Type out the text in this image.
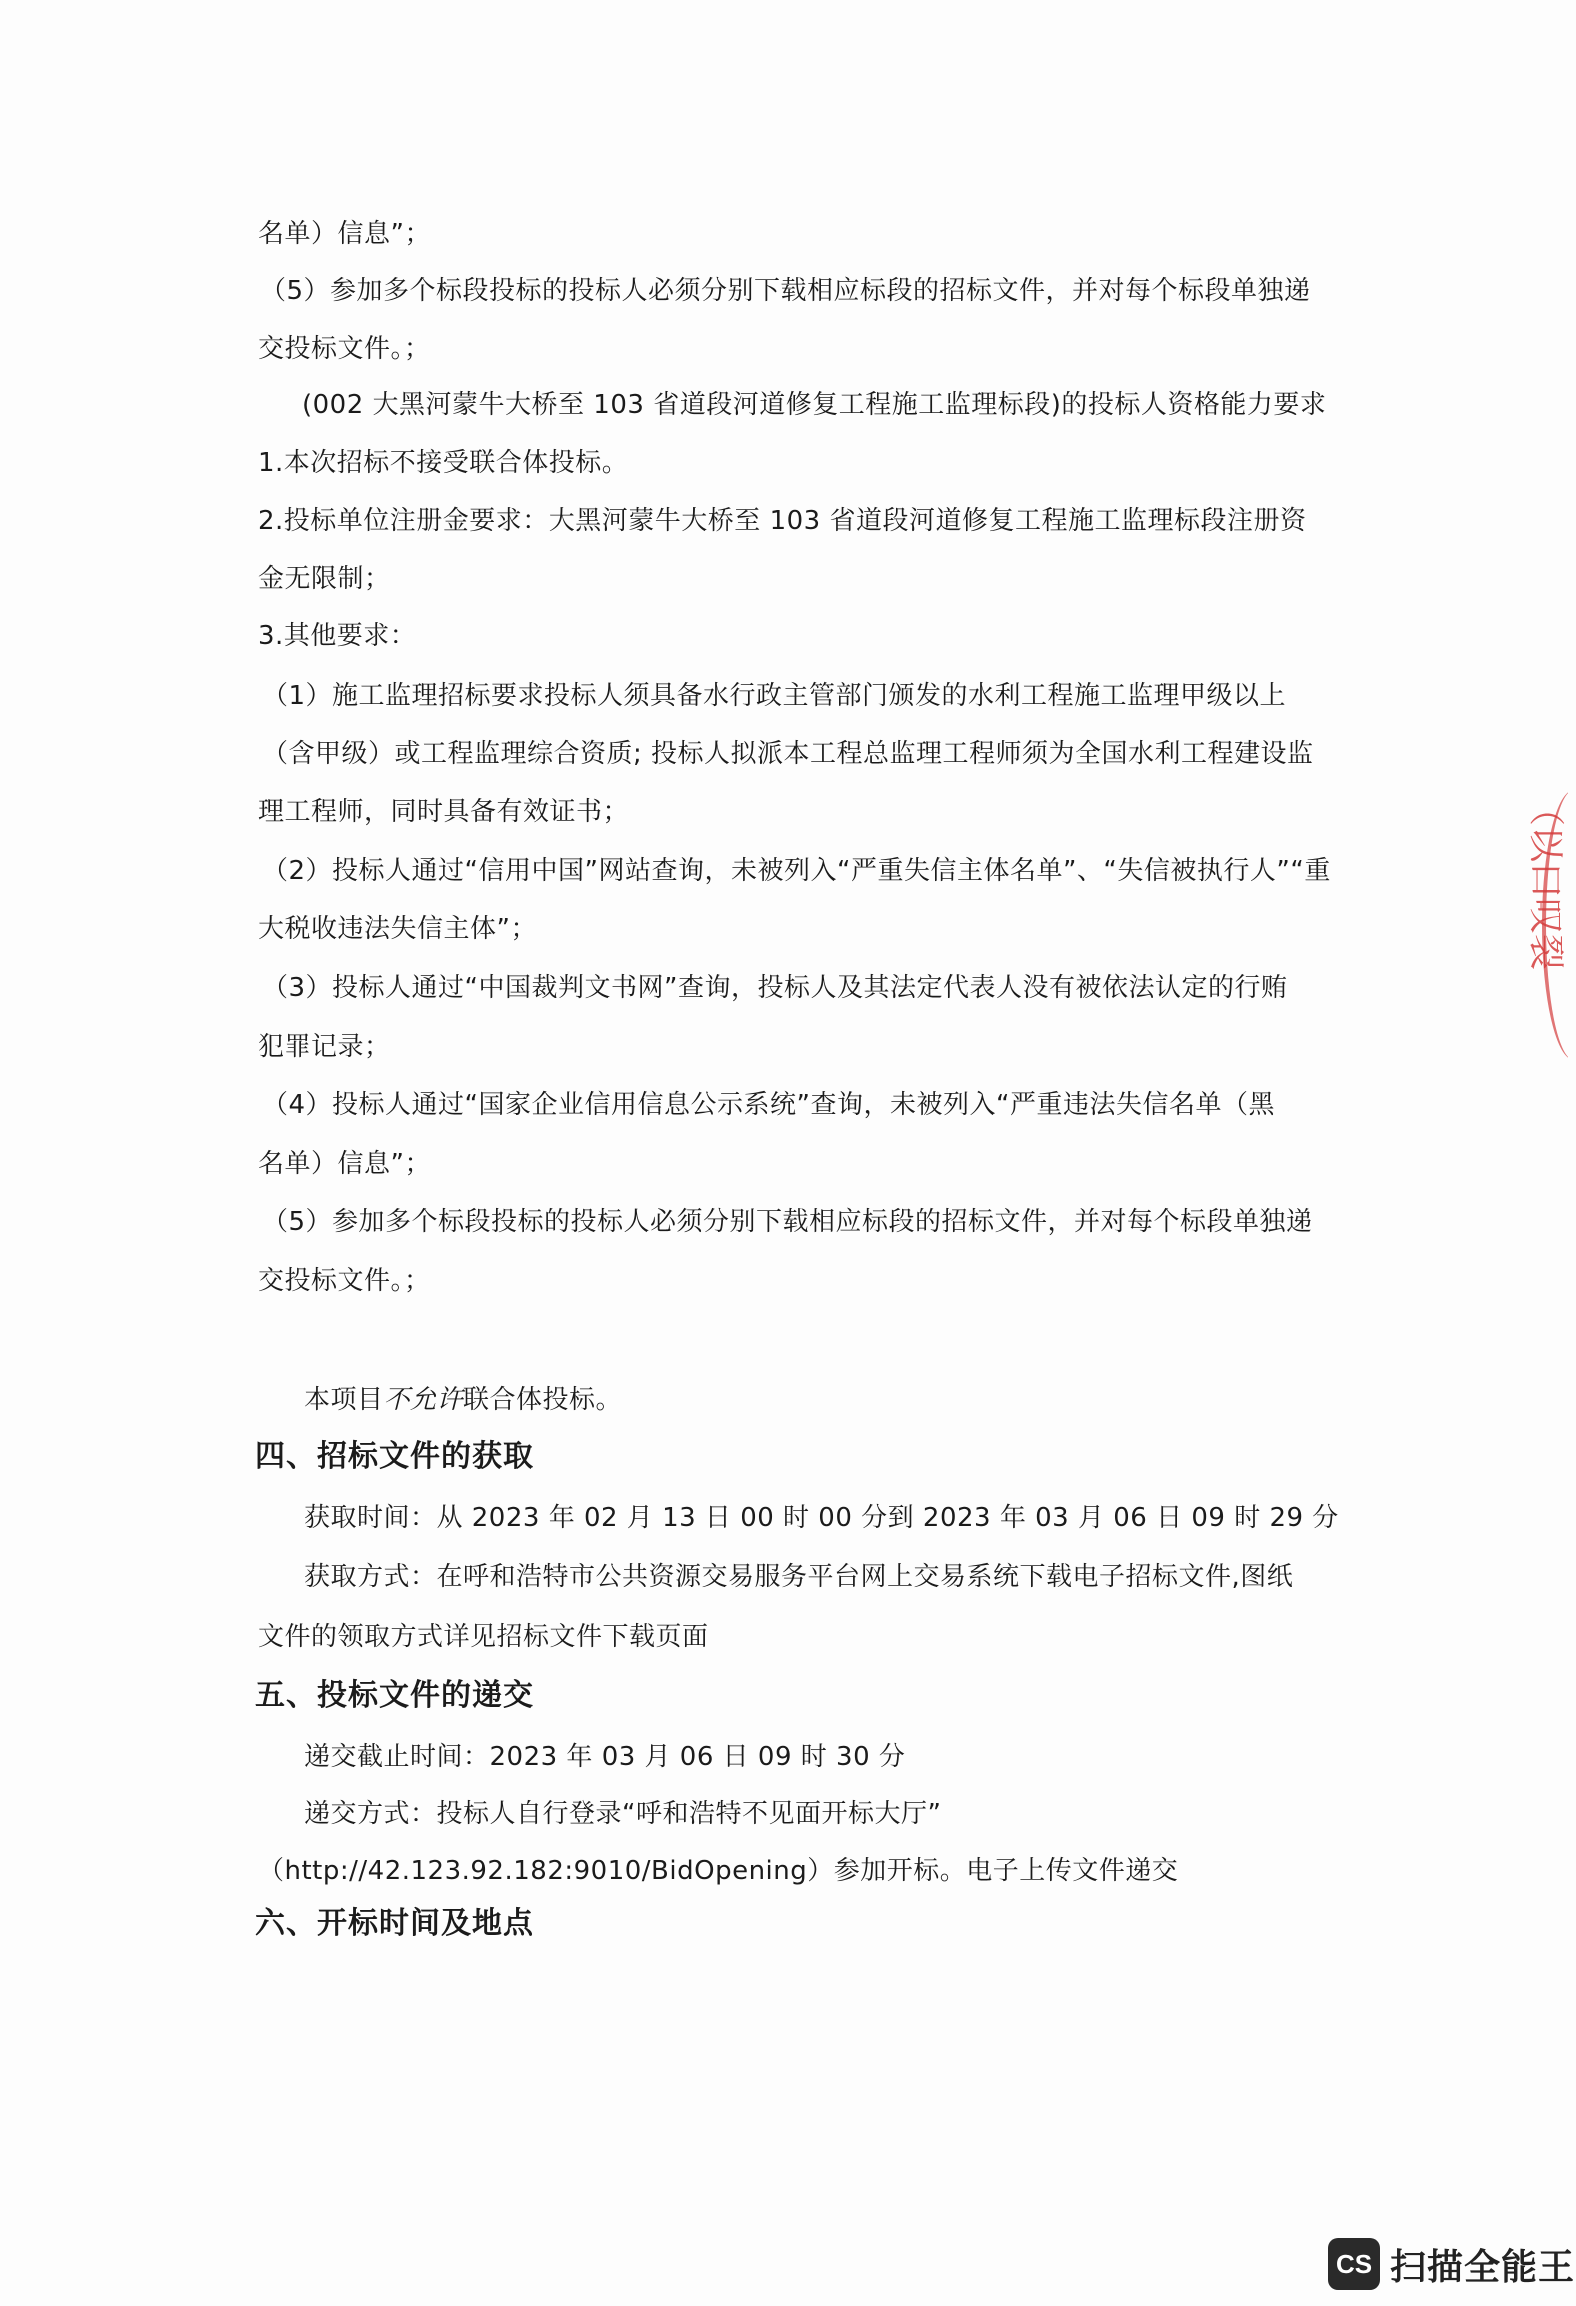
名单）信息”；
（5）参加多个标段投标的投标人必须分别下载相应标段的招标文件，并对每个标段单独递
交投标文件。；
(002 大黑河蒙牛大桥至 103 省道段河道修复工程施工监理标段)的投标人资格能力要求
1.本次招标不接受联合体投标。
2.投标单位注册金要求：大黑河蒙牛大桥至 103 省道段河道修复工程施工监理标段注册资
金无限制；
3.其他要求：
（1）施工监理招标要求投标人须具备水行政主管部门颁发的水利工程施工监理甲级以上
（含甲级）或工程监理综合资质; 投标人拟派本工程总监理工程师须为全国水利工程建设监
理工程师，同时具备有效证书；
（2）投标人通过“信用中国”网站查询，未被列入“严重失信主体名单”、“失信被执行人”“重
大税收违法失信主体”；
（3）投标人通过“中国裁判文书网”查询，投标人及其法定代表人没有被依法认定的行贿
犯罪记录；
（4）投标人通过“国家企业信用信息公示系统”查询，未被列入“严重违法失信名单（黑
名单）信息”；
（5）参加多个标段投标的投标人必须分别下载相应标段的招标文件，并对每个标段单独递
交投标文件。；
本项目不允许联合体投标。
四、招标文件的获取
获取时间：从 2023 年 02 月 13 日 00 时 00 分到 2023 年 03 月 06 日 09 时 29 分
获取方式：在呼和浩特市公共资源交易服务平台网上交易系统下载电子招标文件,图纸
文件的领取方式详见招标文件下载页面
五、投标文件的递交
递交截止时间：2023 年 03 月 06 日 09 时 30 分
递交方式：投标人自行登录“呼和浩特不见面开标大厅”
（http://42.123.92.182:9010/BidOpening）参加开标。电子上传文件递交
六、开标时间及地点
（以口叹裂
CS 扫描全能王
